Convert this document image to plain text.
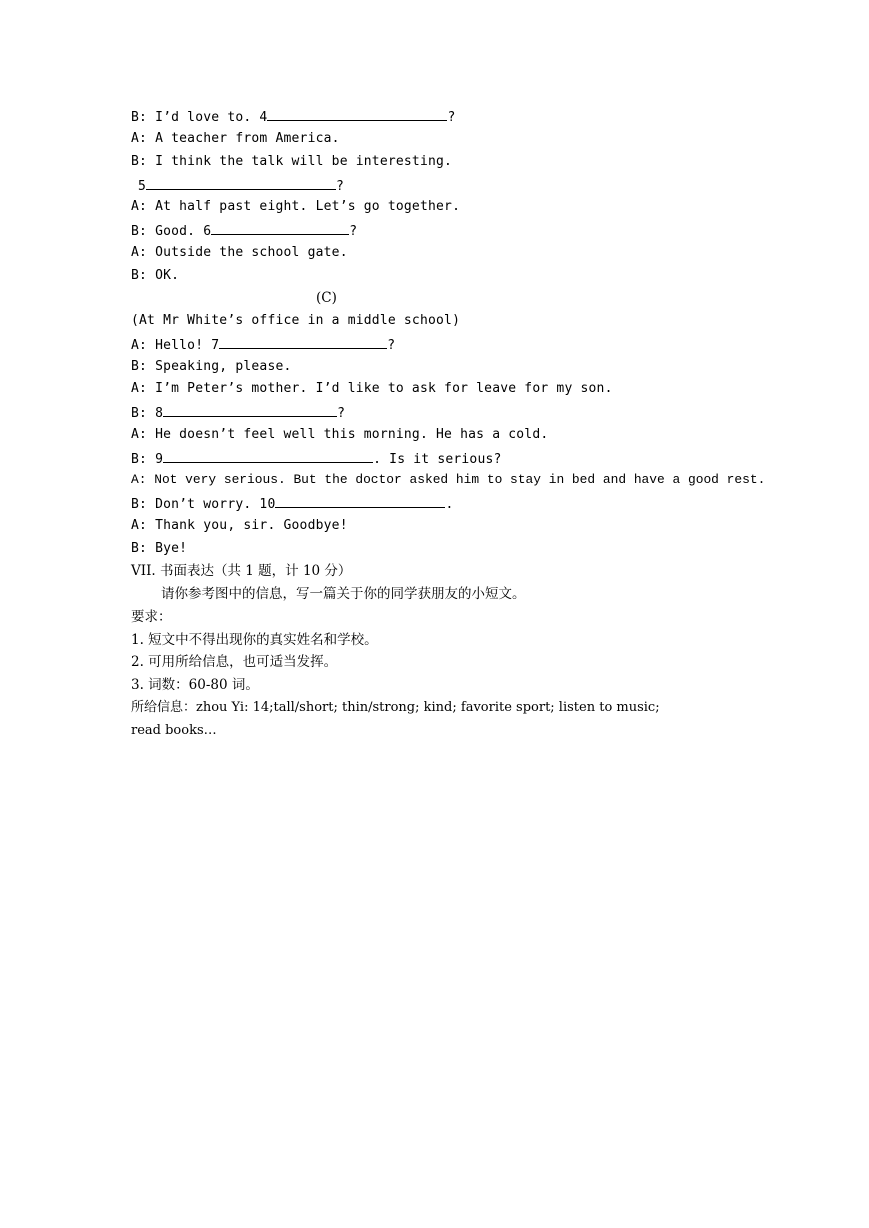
B: I’d love to. 4	?
A: A teacher from America.
B: I think the talk will be interesting.
5	?
A: At half past eight. Let’s go together.
B: Good. 6	?
A: Outside the school gate.
B: OK.
(C)
(At Mr White’s office in a middle school)
A: Hello! 7	?
B: Speaking, please.
A: I’m Peter’s mother. I’d like to ask for leave for my son.
B: 8	?
A: He doesn’t feel well this morning. He has a cold.
B: 9	. Is it serious?
A: Not very serious. But the doctor asked him to stay in bed and have a good rest.
B: Don’t worry. 10	.
A: Thank you, sir. Goodbye!
B: Bye!
VII. 书面表达（共 1 题，计 10 分）
请你参考图中的信息，写一篇关于你的同学获朋友的小短文。
要求：
1. 短文中不得出现你的真实姓名和学校。
2. 可用所给信息，也可适当发挥。
3. 词数：60-80 词。
所给信息：zhou Yi: 14;tall/short; thin/strong; kind; favorite sport; listen to music;
read books…
